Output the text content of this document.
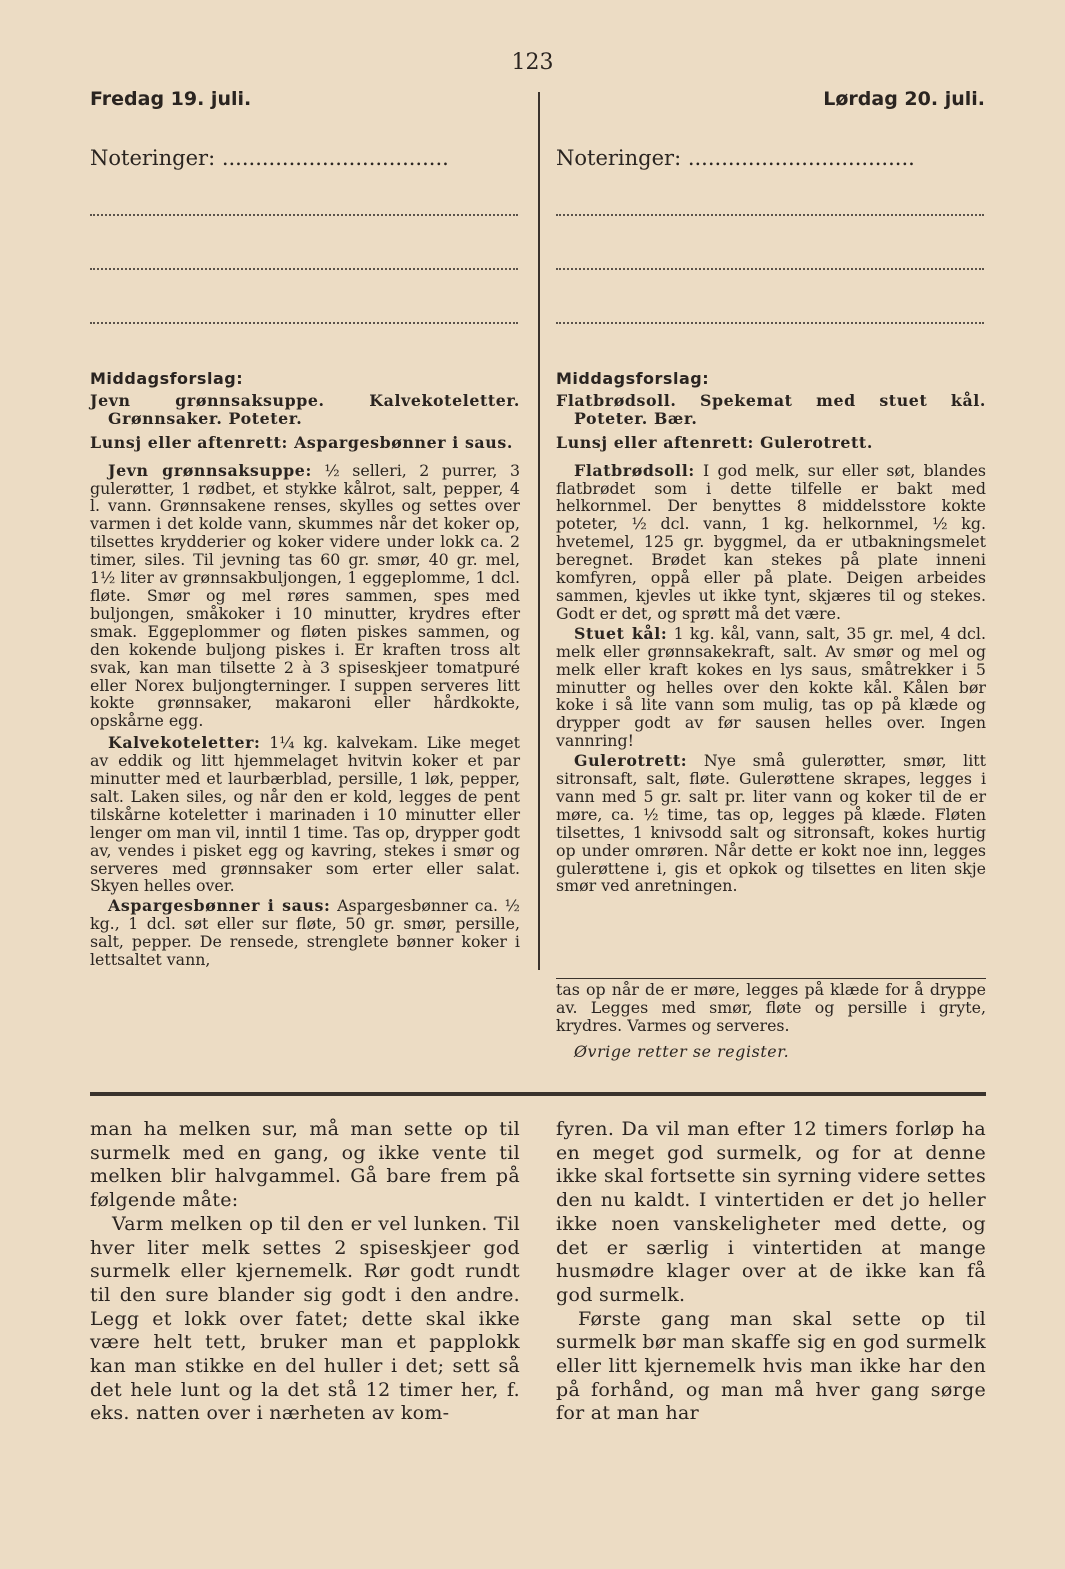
123
Fredag 19. juli.	Lørdag 20. juli.
Noteringer: ..................................	Noteringer: ..................................
Middagsforslag:

Jevn grønnsaksuppe. Kalvekoteletter. Grønnsaker. Poteter.

Lunsj eller aftenrett: Aspargesbønner i saus.

Jevn grønnsaksuppe: ½ selleri, 2 purrer, 3 gulerøtter, 1 rødbet, et stykke kålrot, salt, pepper, 4 l. vann. Grønnsakene renses, skylles og settes over varmen i det kolde vann, skummes når det koker op, tilsettes krydderier og koker videre under lokk ca. 2 timer, siles. Til jevning tas 60 gr. smør, 40 gr. mel, 1½ liter av grønnsakbuljongen, 1 eggeplomme, 1 dcl. fløte. Smør og mel røres sammen, spes med buljongen, småkoker i 10 minutter, krydres efter smak. Eggeplommer og fløten piskes sammen, og den kokende buljong piskes i. Er kraften tross alt svak, kan man tilsette 2 à 3 spiseskjeer tomatpuré eller Norex buljongterninger. I suppen serveres litt kokte grønnsaker, makaroni eller hårdkokte, opskårne egg.

Kalvekoteletter: 1¼ kg. kalvekam. Like meget av eddik og litt hjemmelaget hvitvin koker et par minutter med et laurbærblad, persille, 1 løk, pepper, salt. Laken siles, og når den er kold, legges de pent tilskårne koteletter i marinaden i 10 minutter eller lenger om man vil, inntil 1 time. Tas op, drypper godt av, vendes i pisket egg og kavring, stekes i smør og serveres med grønnsaker som erter eller salat. Skyen helles over.

Aspargesbønner i saus: Aspargesbønner ca. ½ kg., 1 dcl. søt eller sur fløte, 50 gr. smør, persille, salt, pepper. De rensede, strenglete bønner koker i lettsaltet vann,

Middagsforslag:

Flatbrødsoll. Spekemat med stuet kål. Poteter. Bær.

Lunsj eller aftenrett: Gulerotrett.

Flatbrødsoll: I god melk, sur eller søt, blandes flatbrødet som i dette tilfelle er bakt med helkornmel. Der benyttes 8 middelsstore kokte poteter, ½ dcl. vann, 1 kg. helkornmel, ½ kg. hvetemel, 125 gr. byggmel, da er utbakningsmelet beregnet. Brødet kan stekes på plate inneni komfyren, oppå eller på plate. Deigen arbeides sammen, kjevles ut ikke tynt, skjæres til og stekes. Godt er det, og sprøtt må det være.

Stuet kål: 1 kg. kål, vann, salt, 35 gr. mel, 4 dcl. melk eller grønnsakekraft, salt. Av smør og mel og melk eller kraft kokes en lys saus, småtrekker i 5 minutter og helles over den kokte kål. Kålen bør koke i så lite vann som mulig, tas op på klæde og drypper godt av før sausen helles over. Ingen vannring!

Gulerotrett: Nye små gulerøtter, smør, litt sitronsaft, salt, fløte. Gulerøttene skrapes, legges i vann med 5 gr. salt pr. liter vann og koker til de er møre, ca. ½ time, tas op, legges på klæde. Fløten tilsettes, 1 knivsodd salt og sitronsaft, kokes hurtig op under omrøren. Når dette er kokt noe inn, legges gulerøttene i, gis et opkok og tilsettes en liten skje smør ved anretningen.

tas op når de er møre, legges på klæde for å dryppe av. Legges med smør, fløte og persille i gryte, krydres. Varmes og serveres.

Øvrige retter se register.

man ha melken sur, må man sette op til surmelk med en gang, og ikke vente til melken blir halvgammel. Gå bare frem på følgende måte:

Varm melken op til den er vel lunken. Til hver liter melk settes 2 spiseskjeer god surmelk eller kjernemelk. Rør godt rundt til den sure blander sig godt i den andre. Legg et lokk over fatet; dette skal ikke være helt tett, bruker man et papplokk kan man stikke en del huller i det; sett så det hele lunt og la det stå 12 timer her, f. eks. natten over i nærheten av kom-

fyren. Da vil man efter 12 timers forløp ha en meget god surmelk, og for at denne ikke skal fortsette sin syrning videre settes den nu kaldt. I vintertiden er det jo heller ikke noen vanskeligheter med dette, og det er særlig i vintertiden at mange husmødre klager over at de ikke kan få god surmelk.

Første gang man skal sette op til surmelk bør man skaffe sig en god surmelk eller litt kjernemelk hvis man ikke har den på forhånd, og man må hver gang sørge for at man har
